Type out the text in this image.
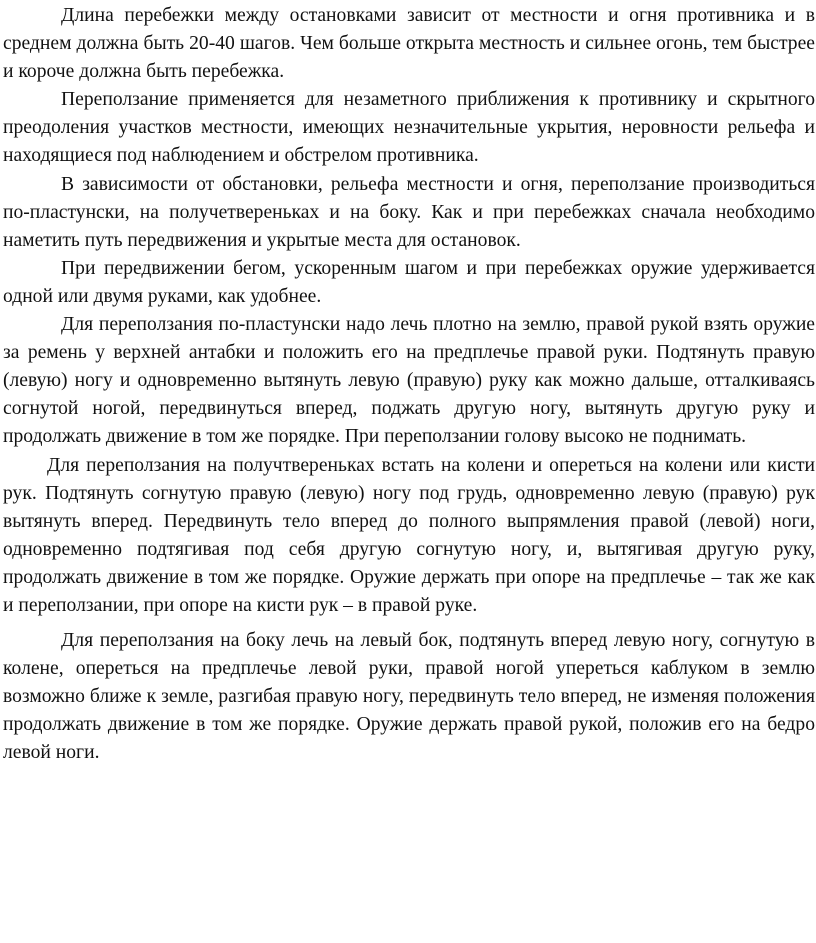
Длина перебежки между остановками зависит от местности и огня противника и в среднем должна быть 20-40 шагов. Чем больше открыта местность и сильнее огонь, тем быстрее и короче должна быть перебежка.

Переползание применяется для незаметного приближения к противнику и скрытного преодоления участков местности, имеющих незначительные укрытия, неровности рельефа и находящиеся под наблюдением и обстрелом противника.

В зависимости от обстановки, рельефа местности и огня, переползание производиться по-пластунски, на получетвереньках и на боку. Как и при перебежках сначала необходимо наметить путь передвижения и укрытые места для остановок.

При передвижении бегом, ускоренным шагом и при перебежках оружие удерживается одной или двумя руками, как удобнее.

Для переползания по-пластунски надо лечь плотно на землю, правой рукой взять оружие за ремень у верхней антабки и положить его на предплечье правой руки. Подтянуть правую (левую) ногу и одновременно вытянуть левую (правую) руку как можно дальше, отталкиваясь согнутой ногой, передвинуться вперед, поджать другую ногу, вытянуть другую руку и продолжать движение в том же порядке. При переползании голову высоко не поднимать.

Для переползания на получтвереньках встать на колени и опереться на колени или кисти рук. Подтянуть согнутую правую (левую) ногу под грудь, одновременно левую (правую) рук вытянуть вперед. Передвинуть тело вперед до полного выпрямления правой (левой) ноги, одновременно подтягивая под себя другую согнутую ногу, и, вытягивая другую руку, продолжать движение в том же порядке. Оружие держать при опоре на предплечье – так же как и переползании, при опоре на кисти рук – в правой руке.

Для переползания на боку лечь на левый бок, подтянуть вперед левую ногу, согнутую в колене, опереться на предплечье левой руки, правой ногой упереться каблуком в землю возможно ближе к земле, разгибая правую ногу, передвинуть тело вперед, не изменяя положения продолжать движение в том же порядке. Оружие держать правой рукой, положив его на бедро левой ноги.
